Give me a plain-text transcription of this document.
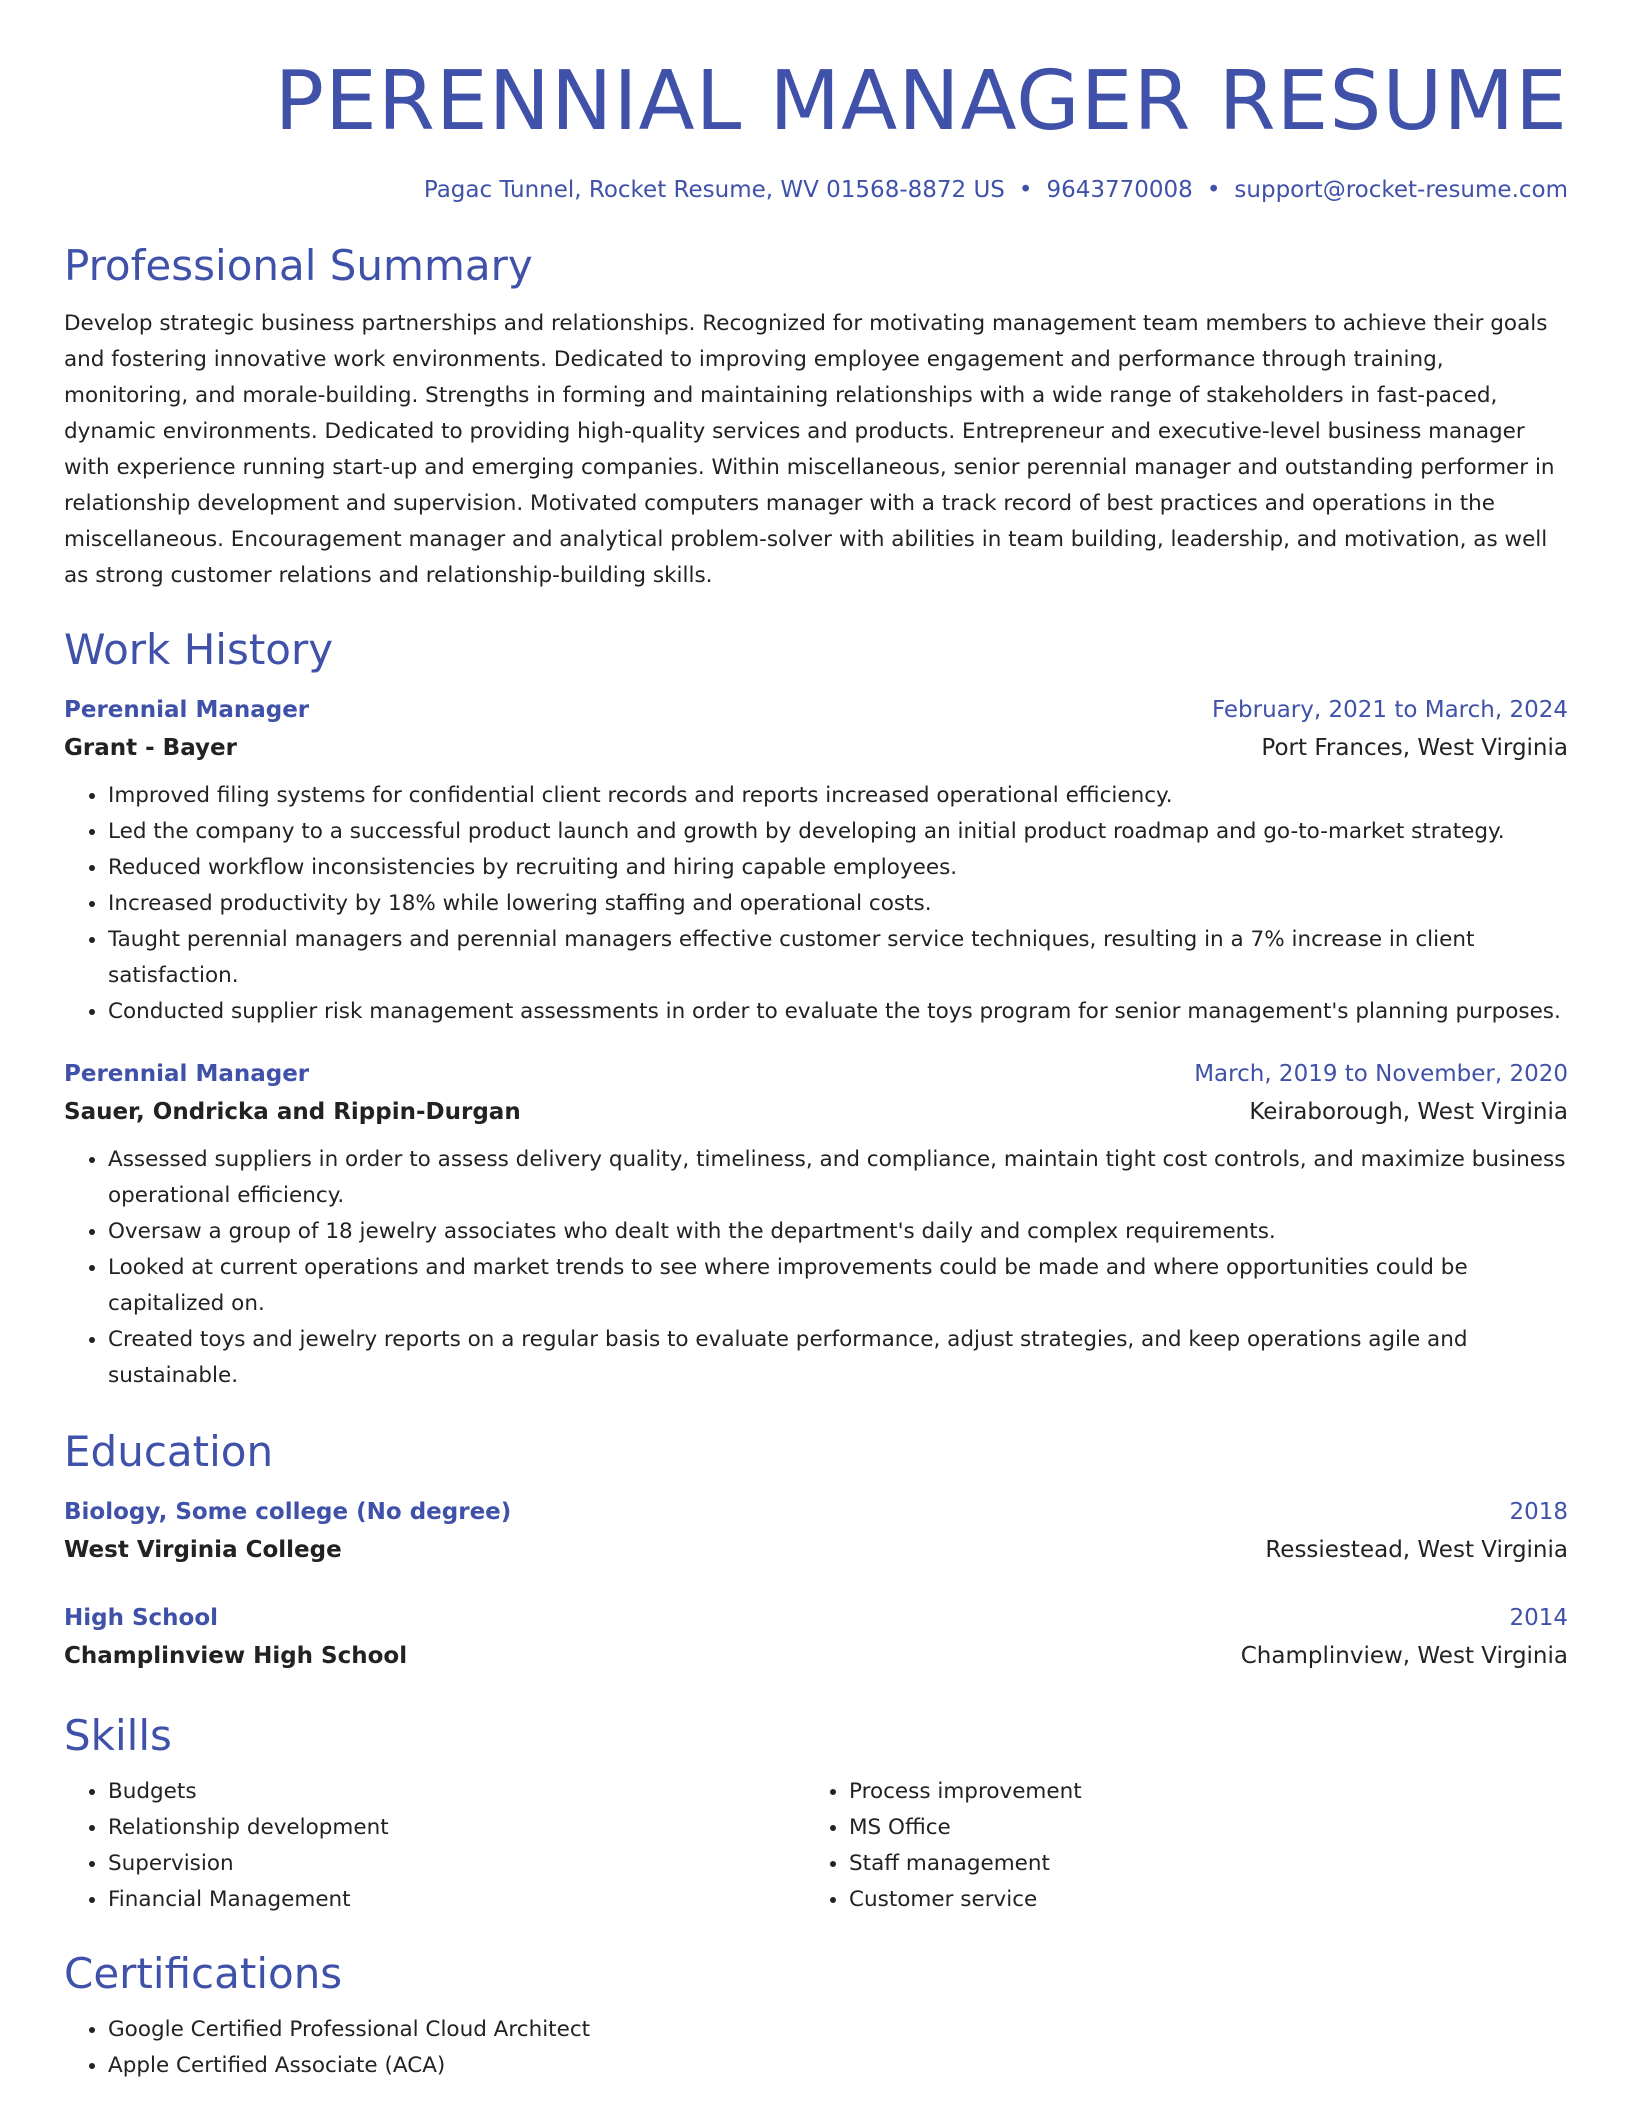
PERENNIAL MANAGER RESUME
Pagac Tunnel, Rocket Resume, WV 01568-8872 US • 9643770008 • support@rocket-resume.com
Professional Summary
Develop strategic business partnerships and relationships. Recognized for motivating management team members to achieve their goals and fostering innovative work environments. Dedicated to improving employee engagement and performance through training, monitoring, and morale-building. Strengths in forming and maintaining relationships with a wide range of stakeholders in fast-paced, dynamic environments. Dedicated to providing high-quality services and products. Entrepreneur and executive-level business manager with experience running start-up and emerging companies. Within miscellaneous, senior perennial manager and outstanding performer in relationship development and supervision. Motivated computers manager with a track record of best practices and operations in the miscellaneous. Encouragement manager and analytical problem-solver with abilities in team building, leadership, and motivation, as well as strong customer relations and relationship-building skills.
Work History
Perennial Manager	February, 2021 to March, 2024
Grant - Bayer	Port Frances, West Virginia
• Improved filing systems for confidential client records and reports increased operational efficiency.
• Led the company to a successful product launch and growth by developing an initial product roadmap and go-to-market strategy.
• Reduced workflow inconsistencies by recruiting and hiring capable employees.
• Increased productivity by 18% while lowering staffing and operational costs.
• Taught perennial managers and perennial managers effective customer service techniques, resulting in a 7% increase in client satisfaction.
• Conducted supplier risk management assessments in order to evaluate the toys program for senior management's planning purposes.
Perennial Manager	March, 2019 to November, 2020
Sauer, Ondricka and Rippin-Durgan	Keiraborough, West Virginia
• Assessed suppliers in order to assess delivery quality, timeliness, and compliance, maintain tight cost controls, and maximize business operational efficiency.
• Oversaw a group of 18 jewelry associates who dealt with the department's daily and complex requirements.
• Looked at current operations and market trends to see where improvements could be made and where opportunities could be capitalized on.
• Created toys and jewelry reports on a regular basis to evaluate performance, adjust strategies, and keep operations agile and sustainable.
Education
Biology, Some college (No degree)	2018
West Virginia College	Ressiestead, West Virginia
High School	2014
Champlinview High School	Champlinview, West Virginia
Skills
• Budgets
• Relationship development
• Supervision
• Financial Management
• Process improvement
• MS Office
• Staff management
• Customer service
Certifications
• Google Certified Professional Cloud Architect
• Apple Certified Associate (ACA)
